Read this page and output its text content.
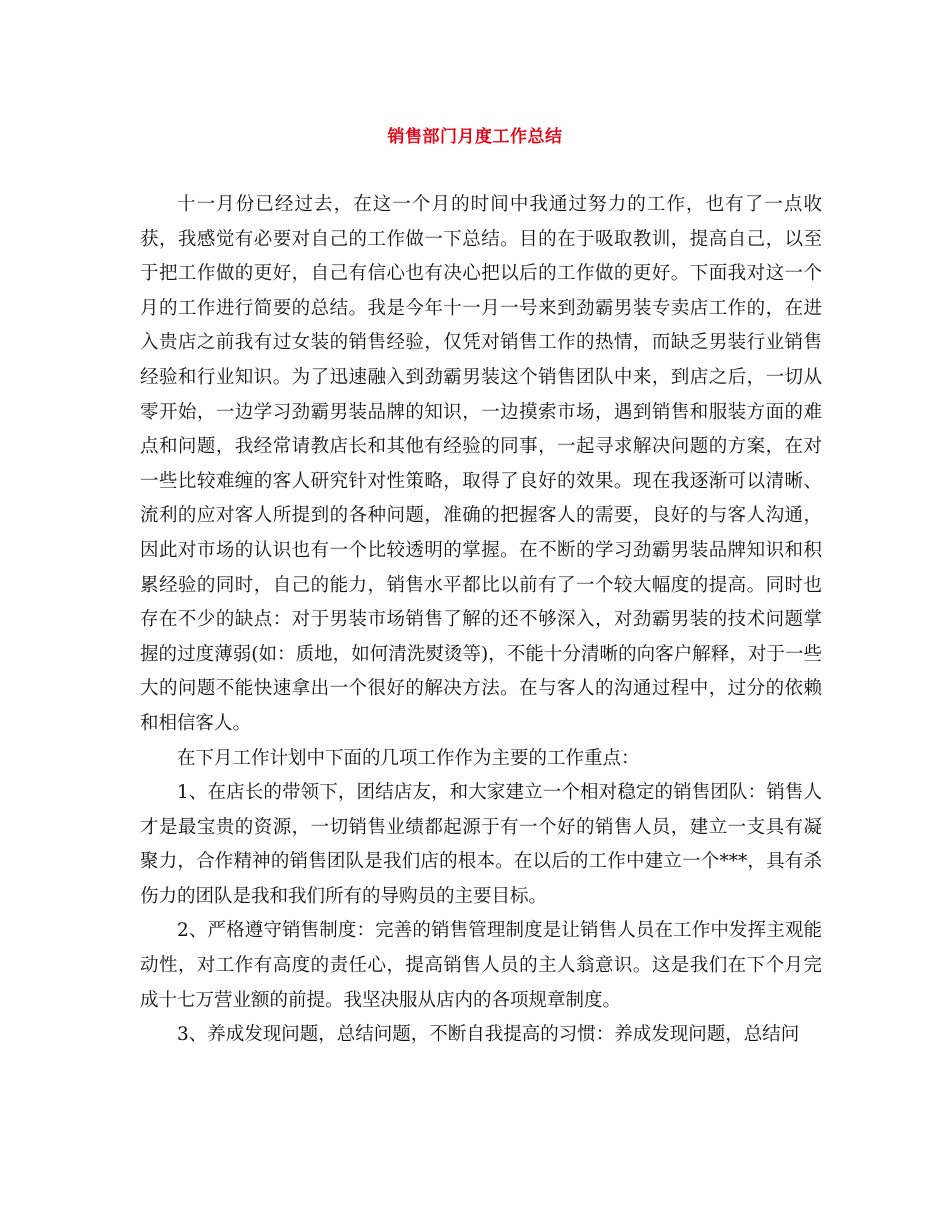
销售部门月度工作总结

十一月份已经过去，在这一个月的时间中我通过努力的工作，也有了一点收获，我感觉有必要对自己的工作做一下总结。目的在于吸取教训，提高自己，以至于把工作做的更好，自己有信心也有决心把以后的工作做的更好。下面我对这一个月的工作进行简要的总结。我是今年十一月一号来到劲霸男装专卖店工作的，在进入贵店之前我有过女装的销售经验，仅凭对销售工作的热情，而缺乏男装行业销售经验和行业知识。为了迅速融入到劲霸男装这个销售团队中来，到店之后，一切从零开始，一边学习劲霸男装品牌的知识，一边摸索市场，遇到销售和服装方面的难点和问题，我经常请教店长和其他有经验的同事，一起寻求解决问题的方案，在对一些比较难缠的客人研究针对性策略，取得了良好的效果。现在我逐渐可以清晰、流利的应对客人所提到的各种问题，准确的把握客人的需要，良好的与客人沟通，因此对市场的认识也有一个比较透明的掌握。在不断的学习劲霸男装品牌知识和积累经验的同时，自己的能力，销售水平都比以前有了一个较大幅度的提高。同时也存在不少的缺点：对于男装市场销售了解的还不够深入，对劲霸男装的技术问题掌握的过度薄弱(如：质地，如何清洗熨烫等)，不能十分清晰的向客户解释，对于一些大的问题不能快速拿出一个很好的解决方法。在与客人的沟通过程中，过分的依赖和相信客人。

在下月工作计划中下面的几项工作作为主要的工作重点：

1、在店长的带领下，团结店友，和大家建立一个相对稳定的销售团队：销售人才是最宝贵的资源，一切销售业绩都起源于有一个好的销售人员，建立一支具有凝聚力，合作精神的销售团队是我们店的根本。在以后的工作中建立一个***，具有杀伤力的团队是我和我们所有的导购员的主要目标。

2、严格遵守销售制度：完善的销售管理制度是让销售人员在工作中发挥主观能动性，对工作有高度的责任心，提高销售人员的主人翁意识。这是我们在下个月完成十七万营业额的前提。我坚决服从店内的各项规章制度。

3、养成发现问题，总结问题，不断自我提高的习惯：养成发现问题，总结问
